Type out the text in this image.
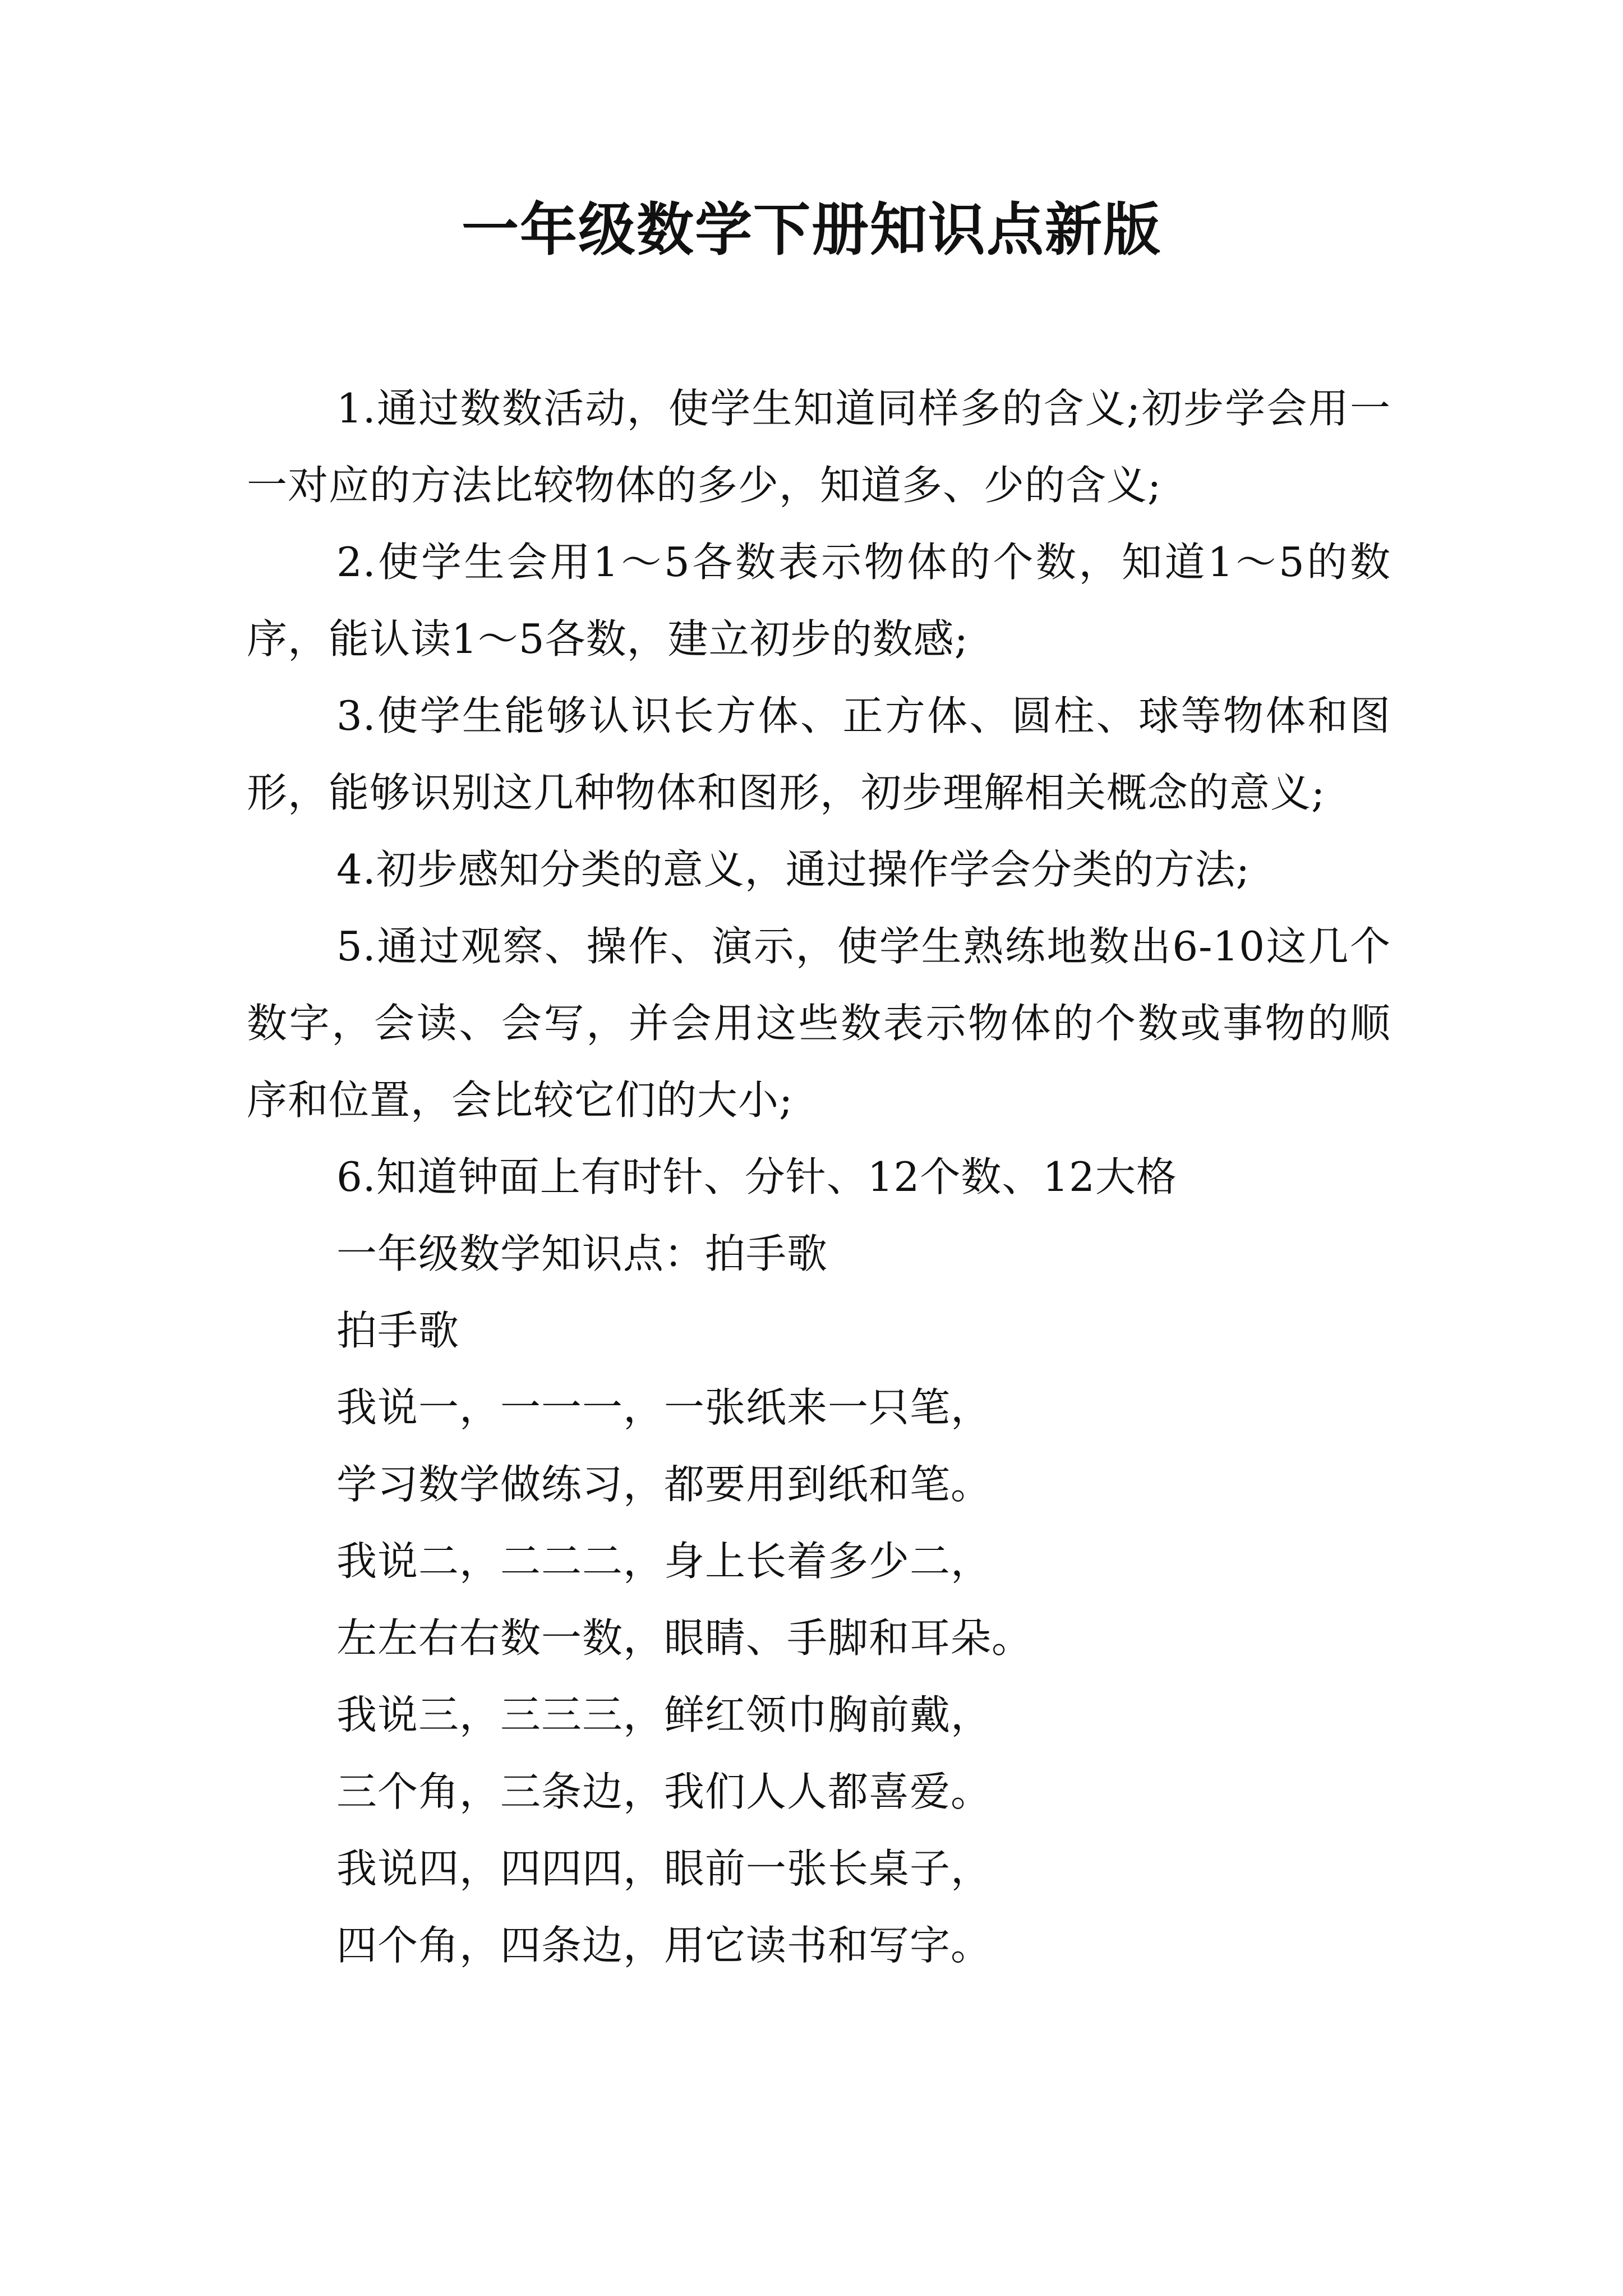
一年级数学下册知识点新版

1.通过数数活动，使学生知道同样多的含义;初步学会用一一对应的方法比较物体的多少，知道多、少的含义;

2.使学生会用1～5各数表示物体的个数，知道1～5的数序，能认读1～5各数，建立初步的数感;

3.使学生能够认识长方体、正方体、圆柱、球等物体和图形，能够识别这几种物体和图形，初步理解相关概念的意义;

4.初步感知分类的意义，通过操作学会分类的方法;

5.通过观察、操作、演示，使学生熟练地数出6-10这几个数字，会读、会写，并会用这些数表示物体的个数或事物的顺序和位置，会比较它们的大小;

6.知道钟面上有时针、分针、12个数、12大格

一年级数学知识点：拍手歌

拍手歌

我说一，一一一，一张纸来一只笔，

学习数学做练习，都要用到纸和笔。

我说二，二二二，身上长着多少二，

左左右右数一数，眼睛、手脚和耳朵。

我说三，三三三，鲜红领巾胸前戴，

三个角，三条边，我们人人都喜爱。

我说四，四四四，眼前一张长桌子，

四个角，四条边，用它读书和写字。
